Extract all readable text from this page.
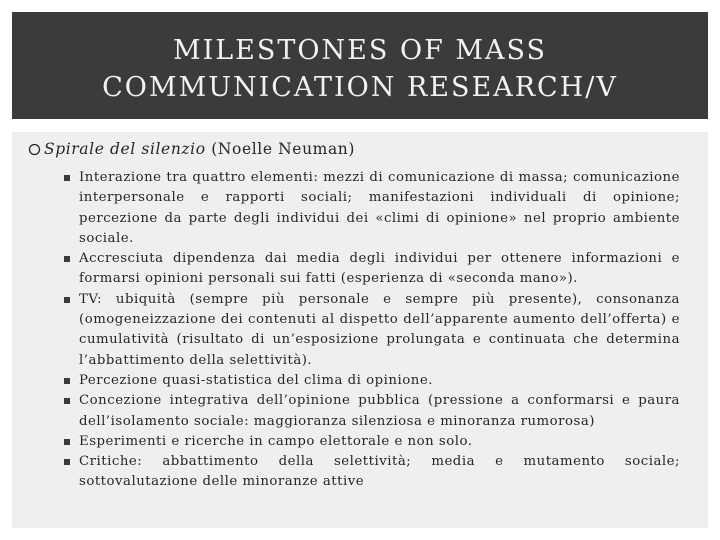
MILESTONES OF MASS COMMUNICATION RESEARCH/V
Spirale del silenzio (Noelle Neuman)
Interazione tra quattro elementi: mezzi di comunicazione di massa; comunicazione interpersonale e rapporti sociali; manifestazioni individuali di opinione; percezione da parte degli individui dei «climi di opinione» nel proprio ambiente sociale.
Accresciuta dipendenza dai media degli individui per ottenere informazioni e formarsi opinioni personali sui fatti (esperienza di «seconda mano»).
TV: ubiquità (sempre più personale e sempre più presente), consonanza (omogeneizzazione dei contenuti al dispetto dell’apparente aumento dell’offerta) e cumulatività (risultato di un’esposizione prolungata e continuata che determina l’abbattimento della selettività).
Percezione quasi-statistica del clima di opinione.
Concezione integrativa dell’opinione pubblica (pressione a conformarsi e paura dell’isolamento sociale: maggioranza silenziosa e minoranza rumorosa)
Esperimenti e ricerche in campo elettorale e non solo.
Critiche: abbattimento della selettività; media e mutamento sociale; sottovalutazione delle minoranze attive
